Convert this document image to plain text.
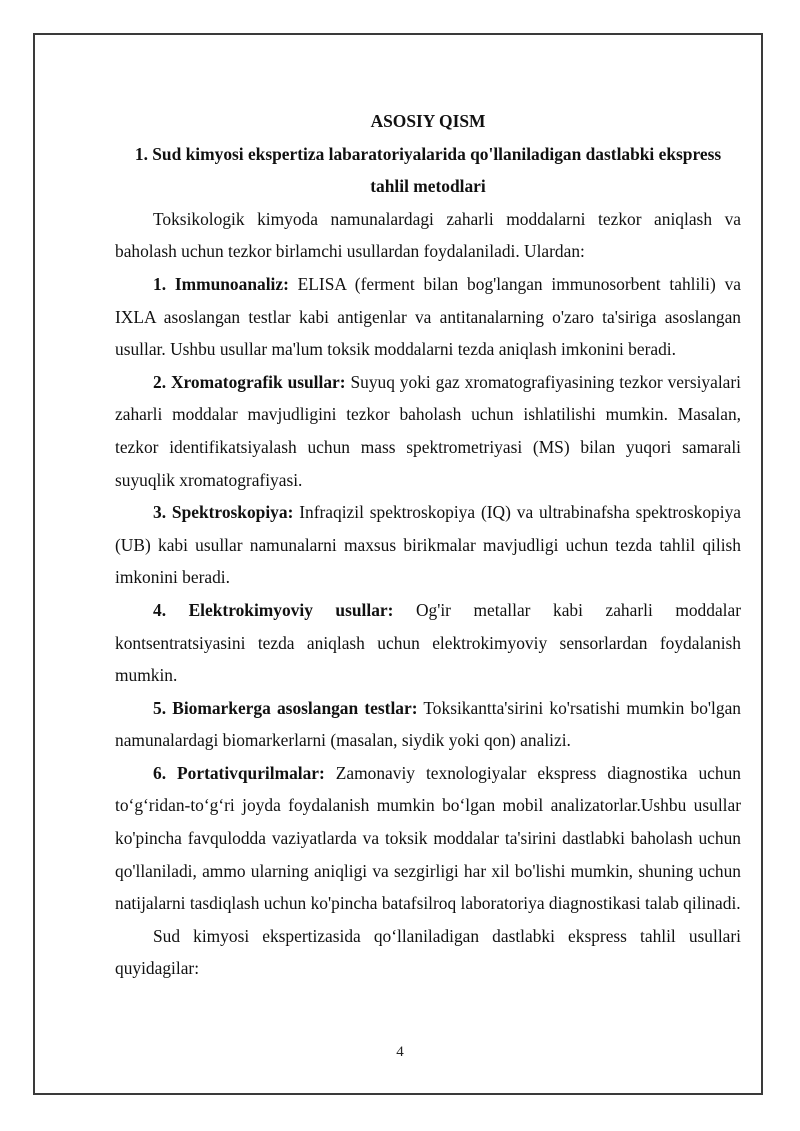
ASOSIY QISM

1. Sud kimyosi ekspertiza labaratoriyalarida qo'llaniladigan dastlabki ekspress tahlil metodlari

Toksikologik kimyoda namunalardagi zaharli moddalarni tezkor aniqlash va baholash uchun tezkor birlamchi usullardan foydalaniladi. Ulardan:

1. Immunoanaliz: ELISA (ferment bilan bog'langan immunosorbent tahlili) va IXLA asoslangan testlar kabi antigenlar va antitanalarning o'zaro ta'siriga asoslangan usullar. Ushbu usullar ma'lum toksik moddalarni tezda aniqlash imkonini beradi.

2. Xromatografik usullar: Suyuq yoki gaz xromatografiyasining tezkor versiyalari zaharli moddalar mavjudligini tezkor baholash uchun ishlatilishi mumkin. Masalan, tezkor identifikatsiyalash uchun mass spektrometriyasi (MS) bilan yuqori samarali suyuqlik xromatografiyasi.

3. Spektroskopiya: Infraqizil spektroskopiya (IQ) va ultrabinafsha spektroskopiya (UB) kabi usullar namunalarni maxsus birikmalar mavjudligi uchun tezda tahlil qilish imkonini beradi.

4. Elektrokimyoviy usullar: Og'ir metallar kabi zaharli moddalar kontsentratsiyasini tezda aniqlash uchun elektrokimyoviy sensorlardan foydalanish mumkin.

5. Biomarkerga asoslangan testlar: Toksikantta'sirini ko'rsatishi mumkin bo'lgan namunalardagi biomarkerlarni (masalan, siydik yoki qon) analizi.

6. Portativqurilmalar: Zamonaviy texnologiyalar ekspress diagnostika uchun to‘g‘ridan-to‘g‘ri joyda foydalanish mumkin bo‘lgan mobil analizatorlar.Ushbu usullar ko'pincha favqulodda vaziyatlarda va toksik moddalar ta'sirini dastlabki baholash uchun qo'llaniladi, ammo ularning aniqligi va sezgirligi har xil bo'lishi mumkin, shuning uchun natijalarni tasdiqlash uchun ko'pincha batafsilroq laboratoriya diagnostikasi talab qilinadi.

Sud kimyosi ekspertizasida qo‘llaniladigan dastlabki ekspress tahlil usullari quyidagilar:

4
